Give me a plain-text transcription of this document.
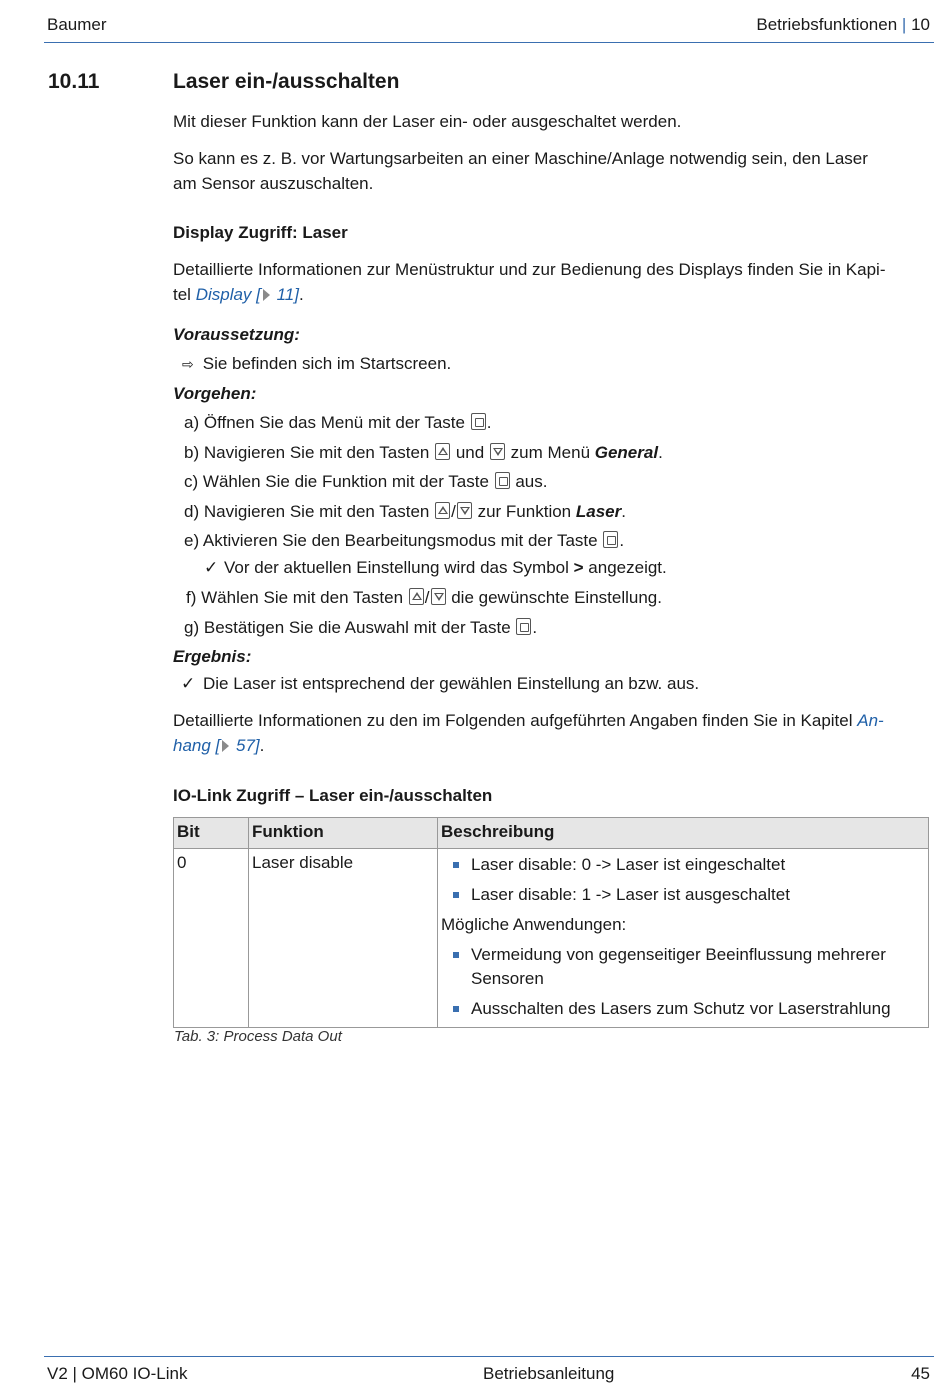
Baumer	Betriebsfunktionen | 10
10.11	Laser ein-/ausschalten
Mit dieser Funktion kann der Laser ein- oder ausgeschaltet werden.
So kann es z. B. vor Wartungsarbeiten an einer Maschine/Anlage notwendig sein, den Laser
am Sensor auszuschalten.
Display Zugriff: Laser
Detaillierte Informationen zur Menüstruktur und zur Bedienung des Displays finden Sie in Kapi-
tel Display [ 11].
Voraussetzung:
⇨ Sie befinden sich im Startscreen.
Vorgehen:
a) Öffnen Sie das Menü mit der Taste .
b) Navigieren Sie mit den Tasten  und  zum Menü General.
c) Wählen Sie die Funktion mit der Taste  aus.
d) Navigieren Sie mit den Tasten / zur Funktion Laser.
e) Aktivieren Sie den Bearbeitungsmodus mit der Taste .
✓ Vor der aktuellen Einstellung wird das Symbol > angezeigt.
f) Wählen Sie mit den Tasten / die gewünschte Einstellung.
g) Bestätigen Sie die Auswahl mit der Taste .
Ergebnis:
✓ Die Laser ist entsprechend der gewählen Einstellung an bzw. aus.
Detaillierte Informationen zu den im Folgenden aufgeführten Angaben finden Sie in Kapitel An-
hang [ 57].
IO-Link Zugriff – Laser ein-/ausschalten
Bit	Funktion	Beschreibung
0	Laser disable	Laser disable: 0 -> Laser ist eingeschaltet
Laser disable: 1 -> Laser ist ausgeschaltet
Mögliche Anwendungen:
Vermeidung von gegenseitiger Beeinflussung mehrerer Sensoren
Ausschalten des Lasers zum Schutz vor Laserstrahlung
Tab. 3: Process Data Out
V2 | OM60 IO-Link	Betriebsanleitung	45
